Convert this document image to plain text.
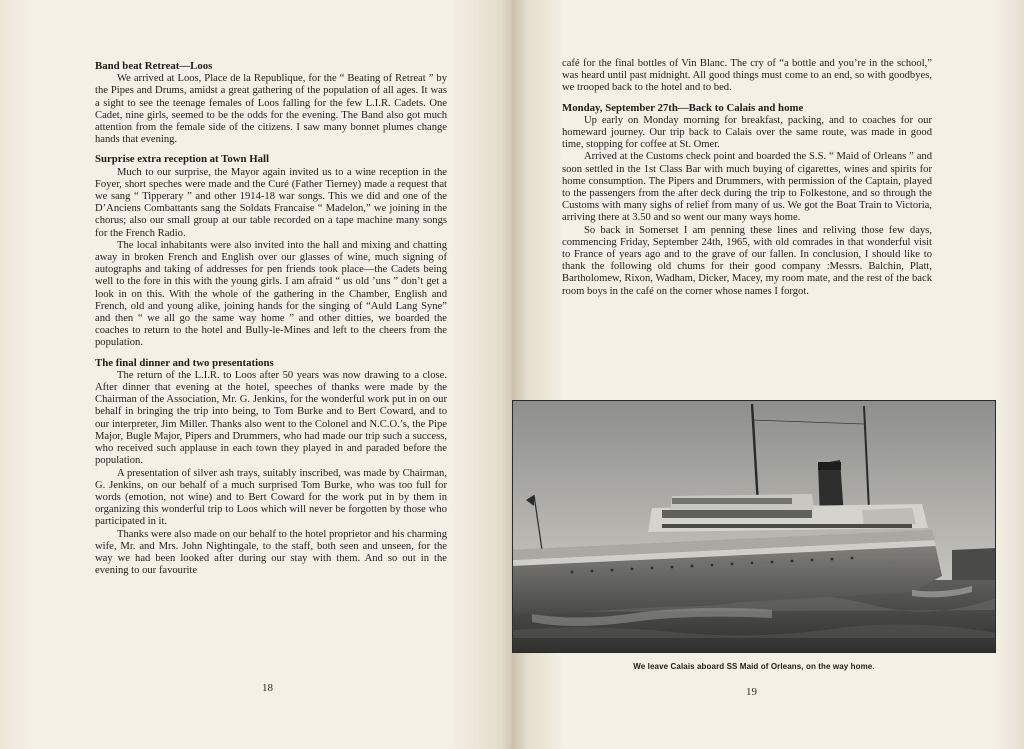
Band beat Retreat—Loos

We arrived at Loos, Place de la Republique, for the “ Beating of Retreat ” by the Pipes and Drums, amidst a great gathering of the population of all ages. It was a sight to see the teenage females of Loos falling for the few L.I.R. Cadets. One Cadet, nine girls, seemed to be the odds for the evening. The Band also got much attention from the female side of the citizens. I saw many bonnet plumes change hands that evening.

Surprise extra reception at Town Hall

Much to our surprise, the Mayor again invited us to a wine reception in the Foyer, short speches were made and the Curé (Father Tierney) made a request that we sang “ Tipperary ” and other 1914-18 war songs. This we did and one of the D’Anciens Combattants sang the Soldats Francaise “ Madelon,” we joining in the chorus; also our small group at our table recorded on a tape machine many songs for the French Radio.

The local inhabitants were also invited into the hall and mixing and chatting away in broken French and English over our glasses of wine, much signing of autographs and taking of addresses for pen friends took place—the Cadets being well to the fore in this with the young girls. I am afraid “ us old ’uns ” don’t get a look in on this. With the whole of the gathering in the Chamber, English and French, old and young alike, joining hands for the singing of “Auld Lang Syne” and then “ we all go the same way home ” and other ditties, we boarded the coaches to return to the hotel and Bully-le-Mines and left to the cheers from the population.

The final dinner and two presentations

The return of the L.I.R. to Loos after 50 years was now drawing to a close. After dinner that evening at the hotel, speeches of thanks were made by the Chairman of the Association, Mr. G. Jenkins, for the wonderful work put in on our behalf in bringing the trip into being, to Tom Burke and to Bert Coward, and to our interpreter, Jim Miller. Thanks also went to the Colonel and N.C.O.’s, the Pipe Major, Bugle Major, Pipers and Drummers, who had made our trip such a success, who received such applause in each town they played in and paraded before the population.

A presentation of silver ash trays, suitably inscribed, was made by Chairman, G. Jenkins, on our behalf of a much surprised Tom Burke, who was too full for words (emotion, not wine) and to Bert Coward for the work put in by them in organizing this wonderful trip to Loos which will never be forgotten by those who participated in it.

Thanks were also made on our behalf to the hotel proprietor and his charming wife, Mr. and Mrs. John Nightingale, to the staff, both seen and unseen, for the way we had been looked after during our stay with them. And so out in the evening to our favourite

18

café for the final bottles of Vin Blanc. The cry of “a bottle and you’re in the school,” was heard until past midnight. All good things must come to an end, so with goodbyes, we trooped back to the hotel and to bed.

Monday, September 27th—Back to Calais and home

Up early on Monday morning for breakfast, packing, and to coaches for our homeward journey. Our trip back to Calais over the same route, was made in good time, stopping for coffee at St. Omer.

Arrived at the Customs check point and boarded the S.S. “ Maid of Orleans ” and soon settled in the 1st Class Bar with much buying of cigarettes, wines and spirits for home consumption. The Pipers and Drummers, with permission of the Captain, played to the passengers from the after deck during the trip to Folkestone, and so through the Customs with many sighs of relief from many of us. We got the Boat Train to Victoria, arriving there at 3.50 and so went our many ways home.

So back in Somerset I am penning these lines and reliving those few days, commencing Friday, September 24th, 1965, with old comrades in that wonderful visit to France of years ago and to the grave of our fallen. In conclusion, I should like to thank the following old chums for their good company :Messrs. Balchin, Platt, Bartholomew, Rixon, Wadham, Dicker, Macey, my room mate, and the rest of the back room boys in the café on the corner whose names I forgot.

We leave Calais aboard SS Maid of Orleans, on the way home.
19
